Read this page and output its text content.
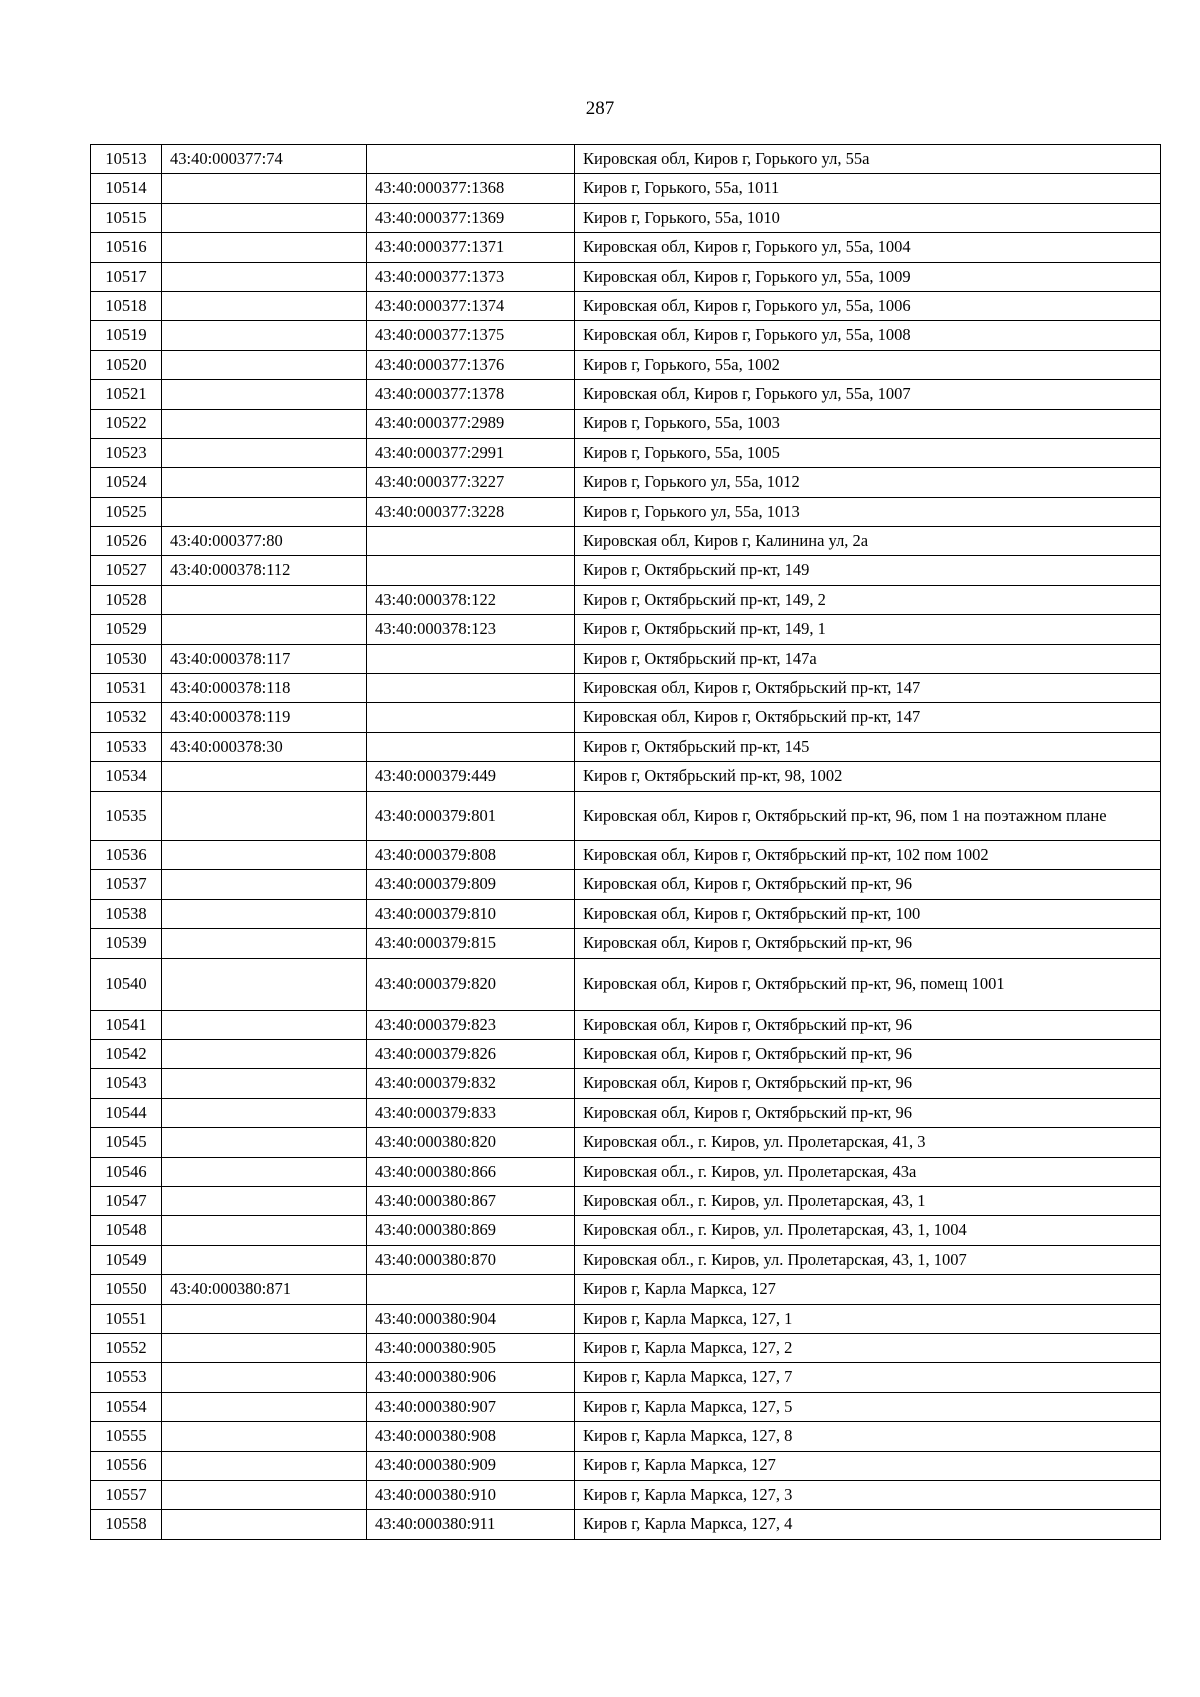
287
10513	43:40:000377:74		Кировская обл, Киров г, Горького ул, 55а
10514		43:40:000377:1368	Киров г, Горького, 55а, 1011
10515		43:40:000377:1369	Киров г, Горького, 55а, 1010
10516		43:40:000377:1371	Кировская обл, Киров г, Горького ул, 55а, 1004
10517		43:40:000377:1373	Кировская обл, Киров г, Горького ул, 55а, 1009
10518		43:40:000377:1374	Кировская обл, Киров г, Горького ул, 55а, 1006
10519		43:40:000377:1375	Кировская обл, Киров г, Горького ул, 55а, 1008
10520		43:40:000377:1376	Киров г, Горького, 55а, 1002
10521		43:40:000377:1378	Кировская обл, Киров г, Горького ул, 55а, 1007
10522		43:40:000377:2989	Киров г, Горького, 55а, 1003
10523		43:40:000377:2991	Киров г, Горького, 55а, 1005
10524		43:40:000377:3227	Киров г, Горького ул, 55а, 1012
10525		43:40:000377:3228	Киров г, Горького ул, 55а, 1013
10526	43:40:000377:80		Кировская обл, Киров г, Калинина ул, 2а
10527	43:40:000378:112		Киров г, Октябрьский пр-кт, 149
10528		43:40:000378:122	Киров г, Октябрьский пр-кт, 149, 2
10529		43:40:000378:123	Киров г, Октябрьский пр-кт, 149, 1
10530	43:40:000378:117		Киров г, Октябрьский пр-кт, 147а
10531	43:40:000378:118		Кировская обл, Киров г, Октябрьский пр-кт, 147
10532	43:40:000378:119		Кировская обл, Киров г, Октябрьский пр-кт, 147
10533	43:40:000378:30		Киров г, Октябрьский пр-кт, 145
10534		43:40:000379:449	Киров г, Октябрьский пр-кт, 98, 1002
10535		43:40:000379:801	Кировская обл, Киров г, Октябрьский пр-кт, 96, пом 1 на поэтажном плане
10536		43:40:000379:808	Кировская обл, Киров г, Октябрьский пр-кт, 102 пом 1002
10537		43:40:000379:809	Кировская обл, Киров г, Октябрьский пр-кт, 96
10538		43:40:000379:810	Кировская обл, Киров г, Октябрьский пр-кт, 100
10539		43:40:000379:815	Кировская обл, Киров г, Октябрьский пр-кт, 96
10540		43:40:000379:820	Кировская обл, Киров г, Октябрьский пр-кт, 96, помещ 1001
10541		43:40:000379:823	Кировская обл, Киров г, Октябрьский пр-кт, 96
10542		43:40:000379:826	Кировская обл, Киров г, Октябрьский пр-кт, 96
10543		43:40:000379:832	Кировская обл, Киров г, Октябрьский пр-кт, 96
10544		43:40:000379:833	Кировская обл, Киров г, Октябрьский пр-кт, 96
10545		43:40:000380:820	Кировская обл., г. Киров, ул. Пролетарская, 41, 3
10546		43:40:000380:866	Кировская обл., г. Киров, ул. Пролетарская, 43а
10547		43:40:000380:867	Кировская обл., г. Киров, ул. Пролетарская, 43, 1
10548		43:40:000380:869	Кировская обл., г. Киров, ул. Пролетарская, 43, 1, 1004
10549		43:40:000380:870	Кировская обл., г. Киров, ул. Пролетарская, 43, 1, 1007
10550	43:40:000380:871		Киров г, Карла Маркса, 127
10551		43:40:000380:904	Киров г, Карла Маркса, 127, 1
10552		43:40:000380:905	Киров г, Карла Маркса, 127, 2
10553		43:40:000380:906	Киров г, Карла Маркса, 127, 7
10554		43:40:000380:907	Киров г, Карла Маркса, 127, 5
10555		43:40:000380:908	Киров г, Карла Маркса, 127, 8
10556		43:40:000380:909	Киров г, Карла Маркса, 127
10557		43:40:000380:910	Киров г, Карла Маркса, 127, 3
10558		43:40:000380:911	Киров г, Карла Маркса, 127, 4
